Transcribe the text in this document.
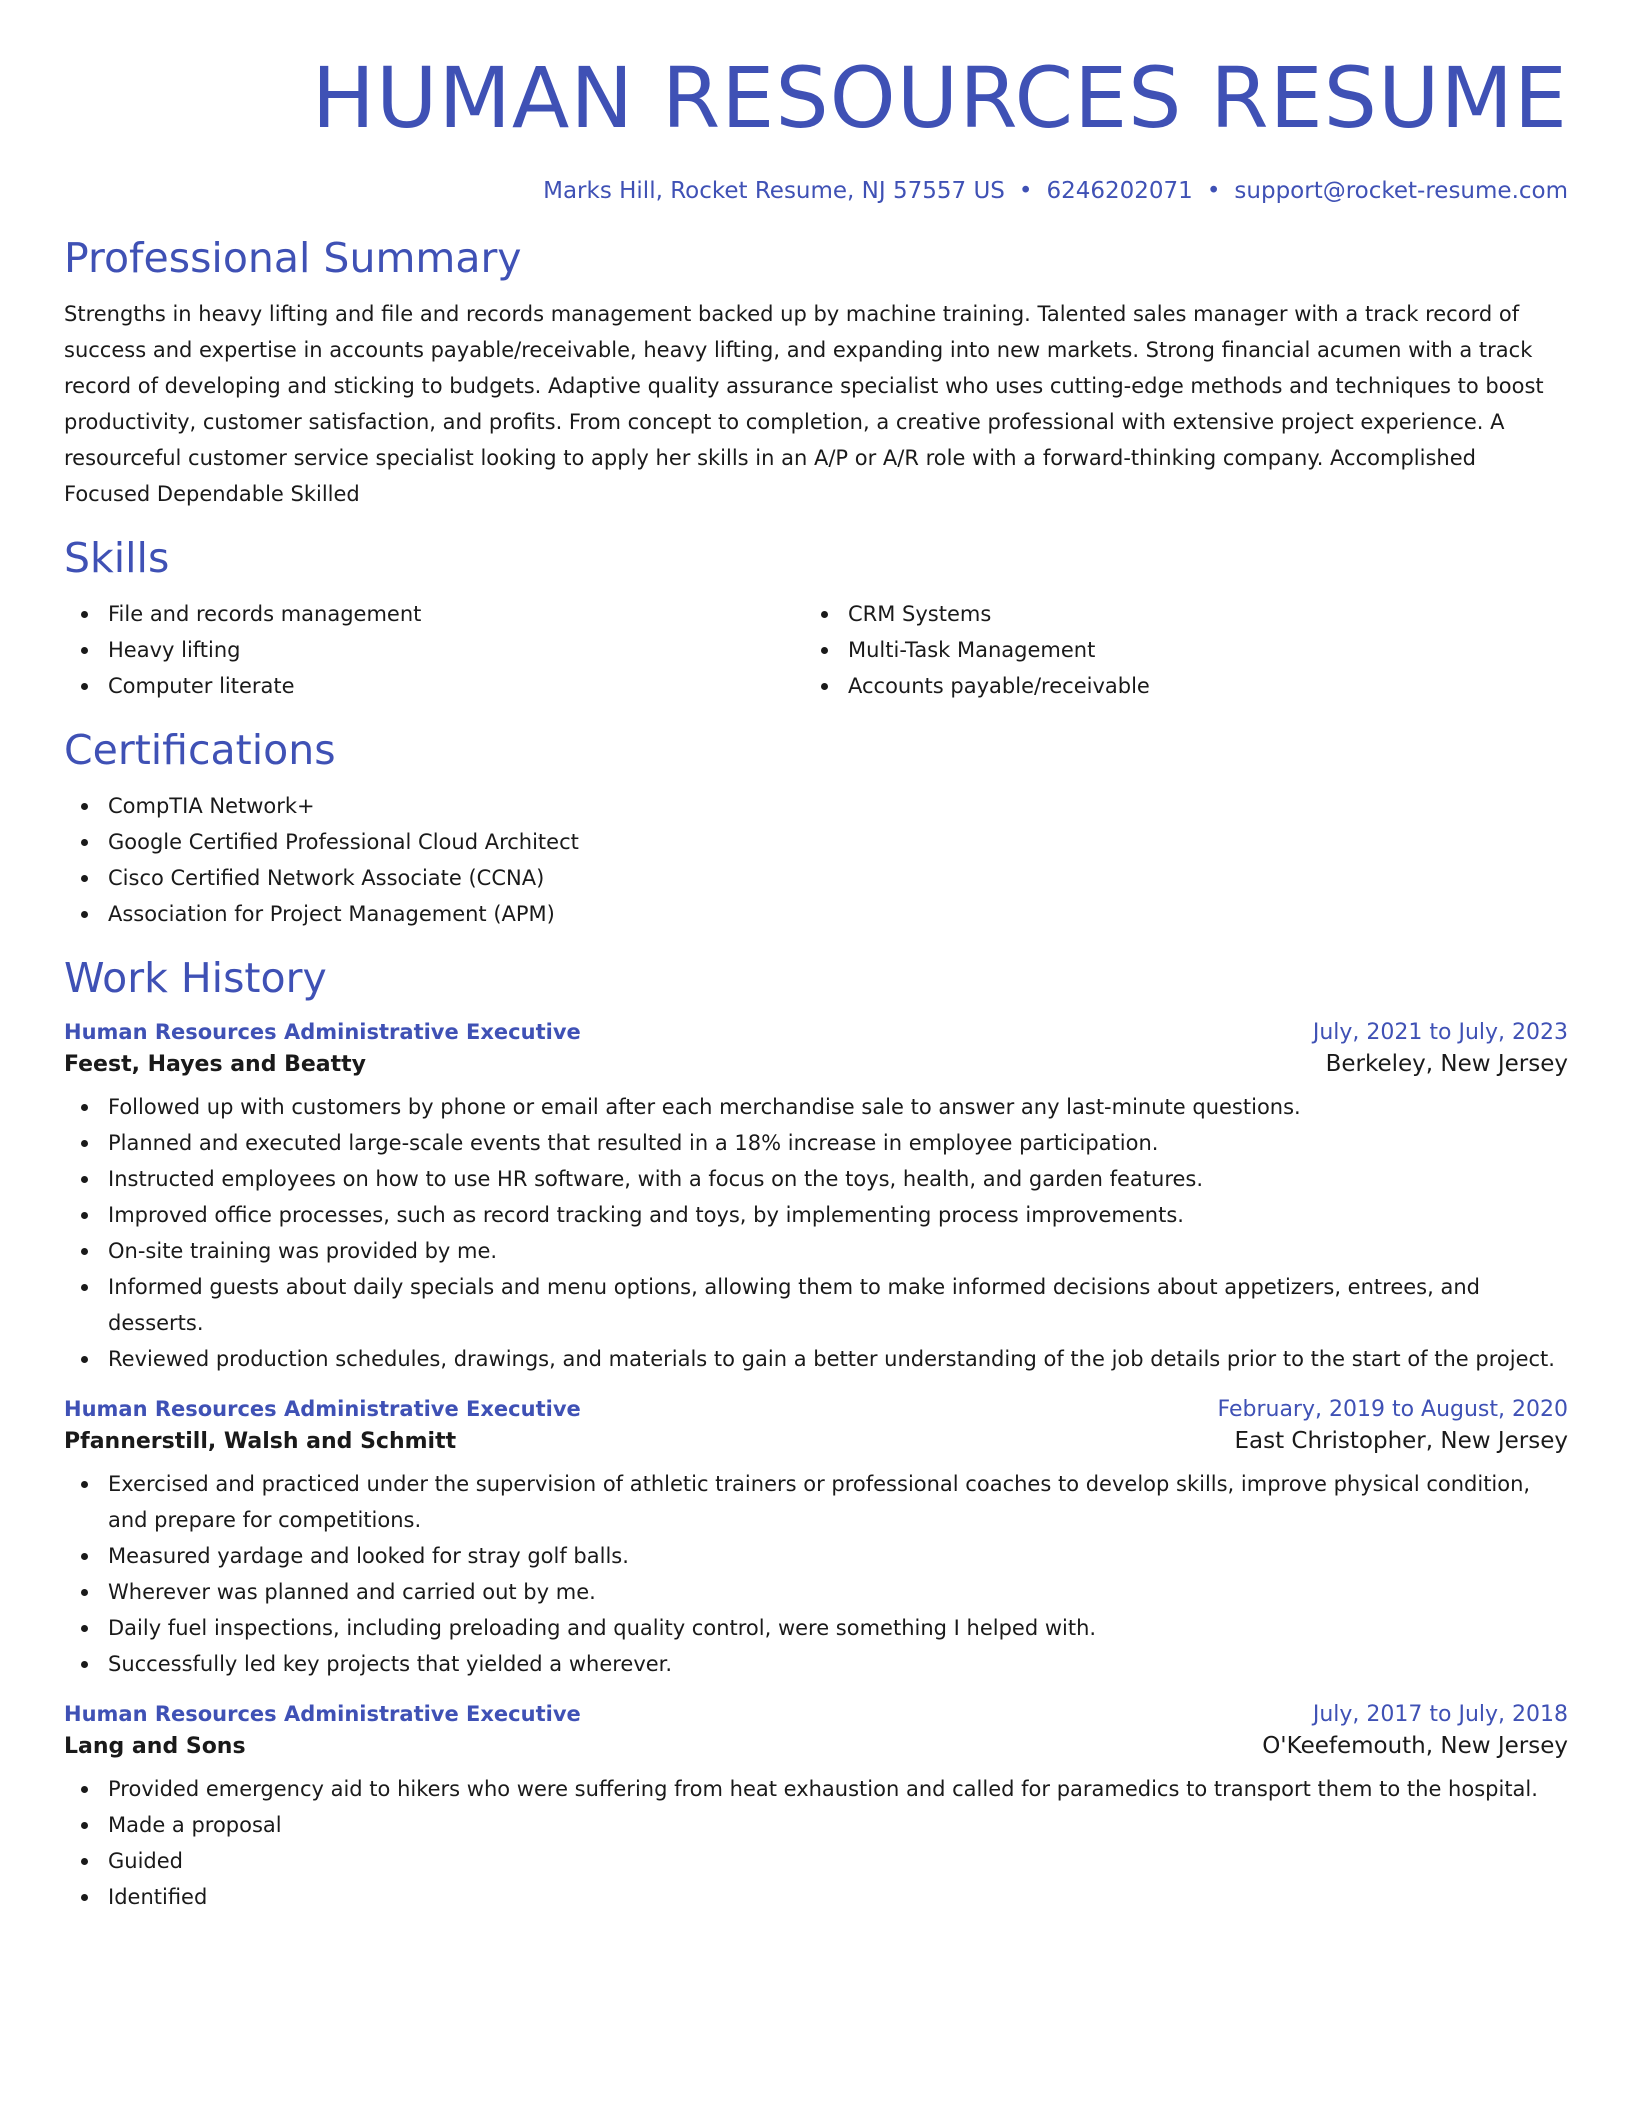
HUMAN RESOURCES RESUME
Marks Hill, Rocket Resume, NJ 57557 US • 6246202071 • support@rocket-resume.com
Professional Summary

Strengths in heavy lifting and file and records management backed up by machine training. Talented sales manager with a track record of success and expertise in accounts payable/receivable, heavy lifting, and expanding into new markets. Strong financial acumen with a track record of developing and sticking to budgets. Adaptive quality assurance specialist who uses cutting-edge methods and techniques to boost productivity, customer satisfaction, and profits. From concept to completion, a creative professional with extensive project experience. A resourceful customer service specialist looking to apply her skills in an A/P or A/R role with a forward-thinking company. Accomplished Focused Dependable Skilled

Skills
File and records management
Heavy lifting
Computer literate
CRM Systems
Multi-Task Management
Accounts payable/receivable
Certifications
CompTIA Network+
Google Certified Professional Cloud Architect
Cisco Certified Network Associate (CCNA)
Association for Project Management (APM)
Work History
Human Resources Administrative Executive	July, 2021 to July, 2023
Feest, Hayes and Beatty	Berkeley, New Jersey
Followed up with customers by phone or email after each merchandise sale to answer any last-minute questions.
Planned and executed large-scale events that resulted in a 18% increase in employee participation.
Instructed employees on how to use HR software, with a focus on the toys, health, and garden features.
Improved office processes, such as record tracking and toys, by implementing process improvements.
On-site training was provided by me.
Informed guests about daily specials and menu options, allowing them to make informed decisions about appetizers, entrees, and desserts.
Reviewed production schedules, drawings, and materials to gain a better understanding of the job details prior to the start of the project.
Human Resources Administrative Executive	February, 2019 to August, 2020
Pfannerstill, Walsh and Schmitt	East Christopher, New Jersey
Exercised and practiced under the supervision of athletic trainers or professional coaches to develop skills, improve physical condition, and prepare for competitions.
Measured yardage and looked for stray golf balls.
Wherever was planned and carried out by me.
Daily fuel inspections, including preloading and quality control, were something I helped with.
Successfully led key projects that yielded a wherever.
Human Resources Administrative Executive	July, 2017 to July, 2018
Lang and Sons	O'Keefemouth, New Jersey
Provided emergency aid to hikers who were suffering from heat exhaustion and called for paramedics to transport them to the hospital.
Made a proposal
Guided
Identified
